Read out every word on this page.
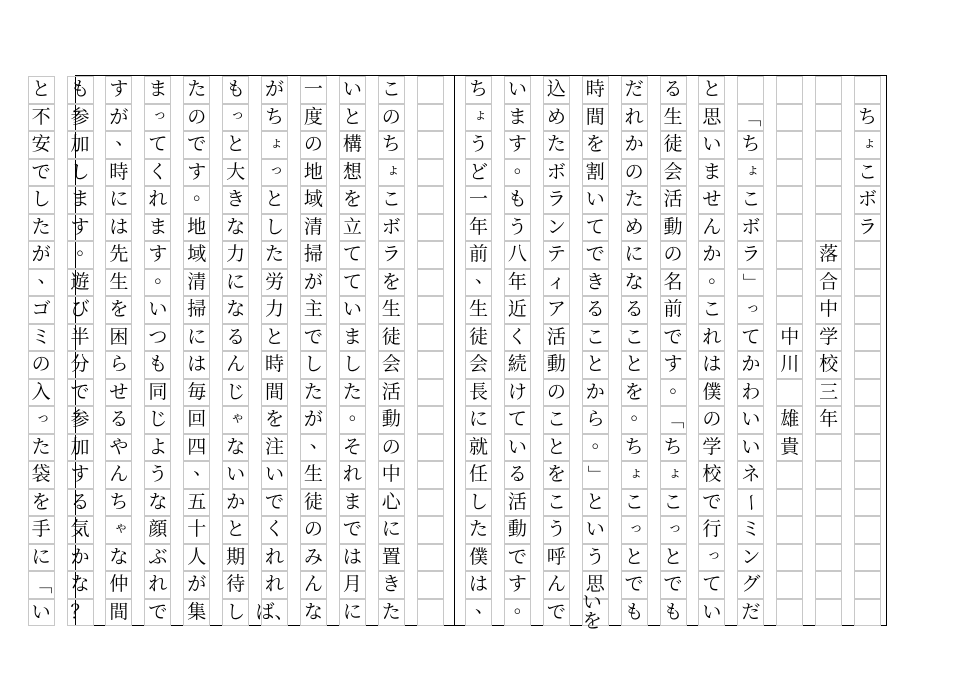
ち
ょ
こ
ボ
ラ
落
合
中
学
校
三
年
中
川
雄
貴
「
ち
ょ
こ
ボ
ラ
」
っ
て
か
わ
い
い
ネ
ー
ミ
ン
グ
だ
と
思
い
ま
せ
ん
か
。
こ
れ
は
僕
の
学
校
で
行
っ
て
い
る
生
徒
会
活
動
の
名
前
で
す
。
「
ち
ょ
こ
っ
と
で
も
だ
れ
か
の
た
め
に
な
る
こ
と
を
。
ち
ょ
こ
っ
と
で
も
時
間
を
割
い
て
で
き
る
こ
と
か
ら
。
」
と
い
う
思
いを
込
め
た
ボ
ラ
ン
テ
ィ
ア
活
動
の
こ
と
を
こ
う
呼
ん
で
い
ま
す
。
も
う
八
年
近
く
続
け
て
い
る
活
動
で
す
。
ち
ょ
う
ど
一
年
前
、
生
徒
会
長
に
就
任
し
た
僕
は
、
こ
の
ち
ょ
こ
ボ
ラ
を
生
徒
会
活
動
の
中
心
に
置
き
た
い
と
構
想
を
立
て
て
い
ま
し
た
。
そ
れ
ま
で
は
月
に
一
度
の
地
域
清
掃
が
主
で
し
た
が
、
生
徒
の
み
ん
な
が
ち
ょ
っ
と
し
た
労
力
と
時
間
を
注
い
で
く
れ
れ
ば、
も
っ
と
大
き
な
力
に
な
る
ん
じ
ゃ
な
い
か
と
期
待
し
た
の
で
す
。
地
域
清
掃
に
は
毎
回
四
、
五
十
人
が
集
ま
っ
て
く
れ
ま
す
。
い
つ
も
同
じ
よ
う
な
顔
ぶ
れ
で
す
が
、
時
に
は
先
生
を
困
ら
せ
る
や
ん
ち
ゃ
な
仲
間
も
参
加
し
ま
す
。
遊
び
半
分
で
参
加
す
る
気
か
な
？
と
不
安
で
し
た
が
、
ゴ
ミ
の
入
っ
た
袋
を
手
に
「
い
